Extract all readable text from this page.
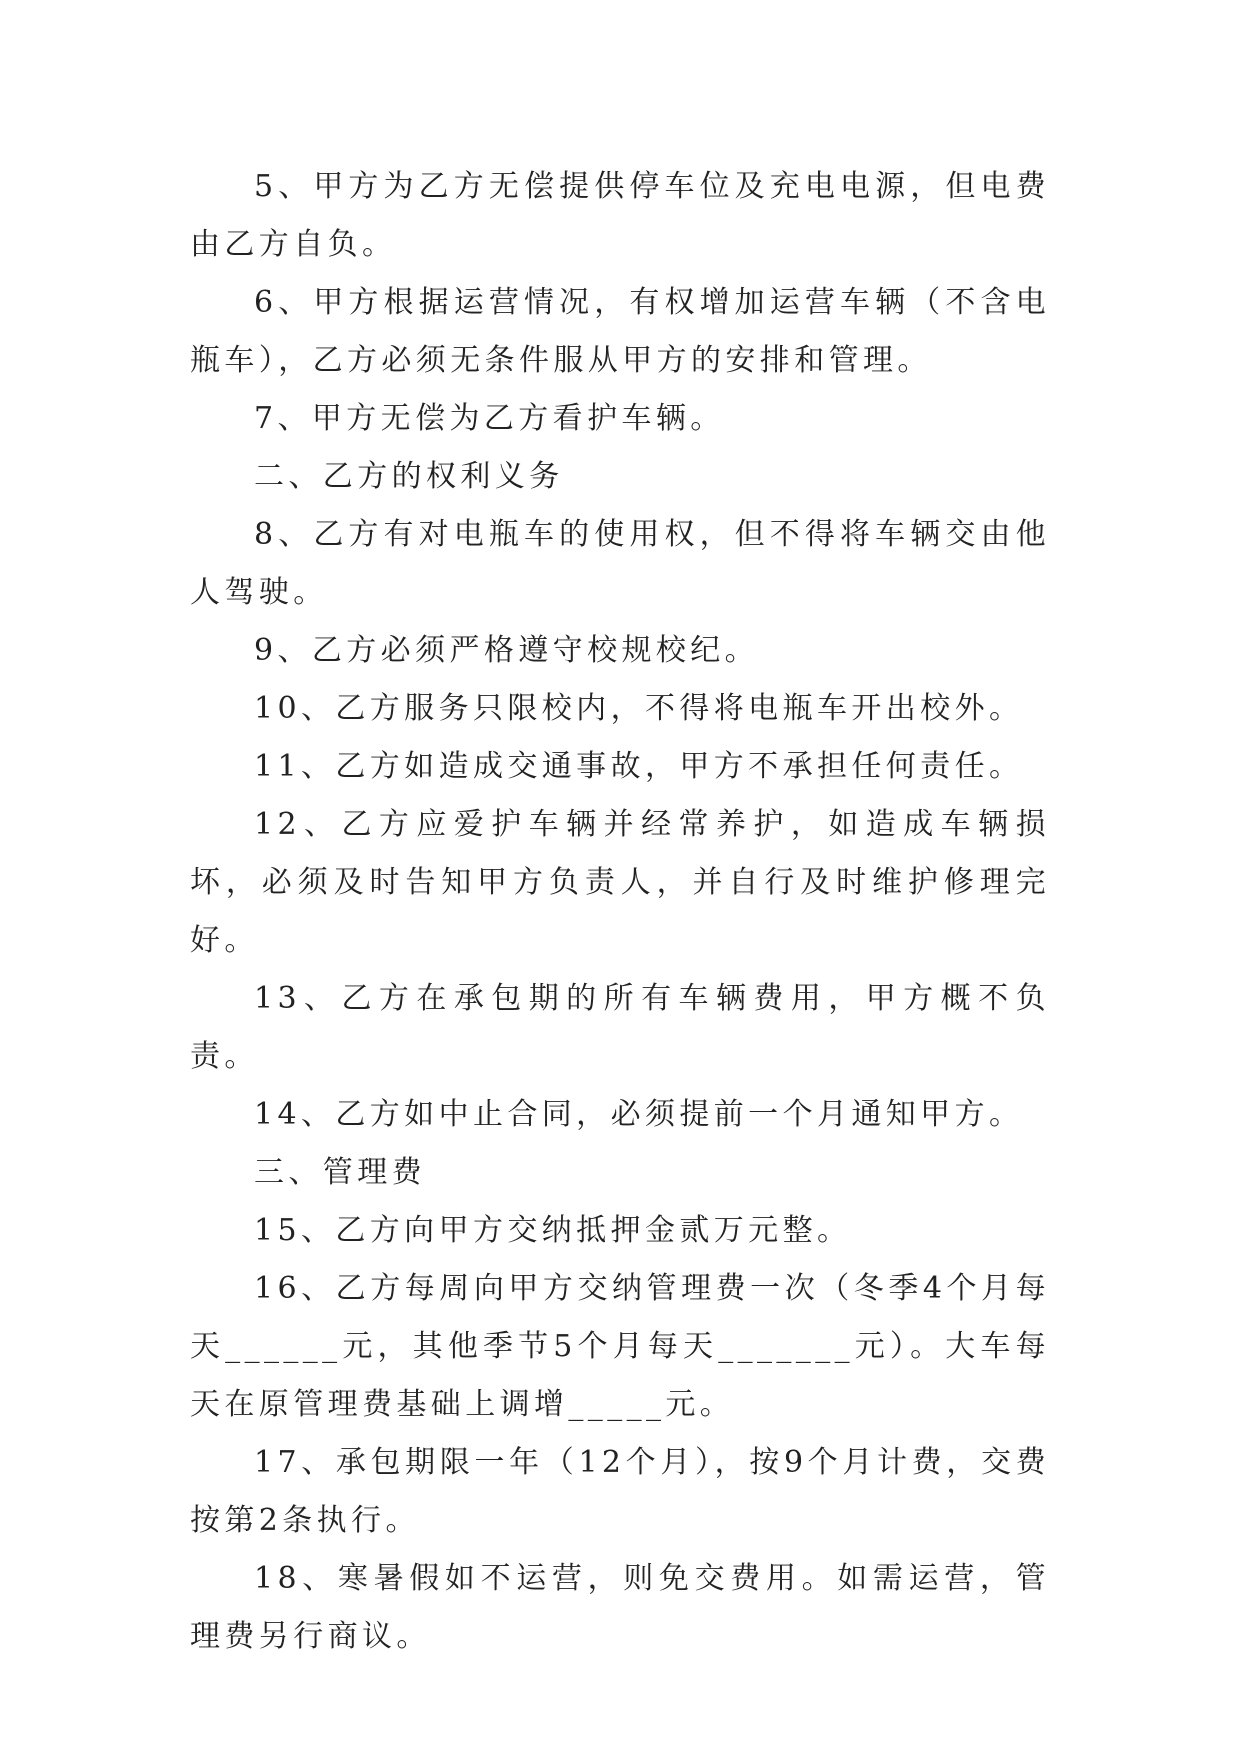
5、甲方为乙方无偿提供停车位及充电电源，但电费由乙方自负。

6、甲方根据运营情况，有权增加运营车辆（不含电瓶车），乙方必须无条件服从甲方的安排和管理。

7、甲方无偿为乙方看护车辆。

二、乙方的权利义务

8、乙方有对电瓶车的使用权，但不得将车辆交由他人驾驶。

9、乙方必须严格遵守校规校纪。

10、乙方服务只限校内，不得将电瓶车开出校外。

11、乙方如造成交通事故，甲方不承担任何责任。

12、乙方应爱护车辆并经常养护，如造成车辆损坏，必须及时告知甲方负责人，并自行及时维护修理完好。

13、乙方在承包期的所有车辆费用，甲方概不负责。

14、乙方如中止合同，必须提前一个月通知甲方。

三、管理费

15、乙方向甲方交纳抵押金贰万元整。

16、乙方每周向甲方交纳管理费一次（冬季4个月每天______元，其他季节5个月每天_______元）。大车每天在原管理费基础上调增_____元。

17、承包期限一年（12个月），按9个月计费，交费按第2条执行。

18、寒暑假如不运营，则免交费用。如需运营，管理费另行商议。
